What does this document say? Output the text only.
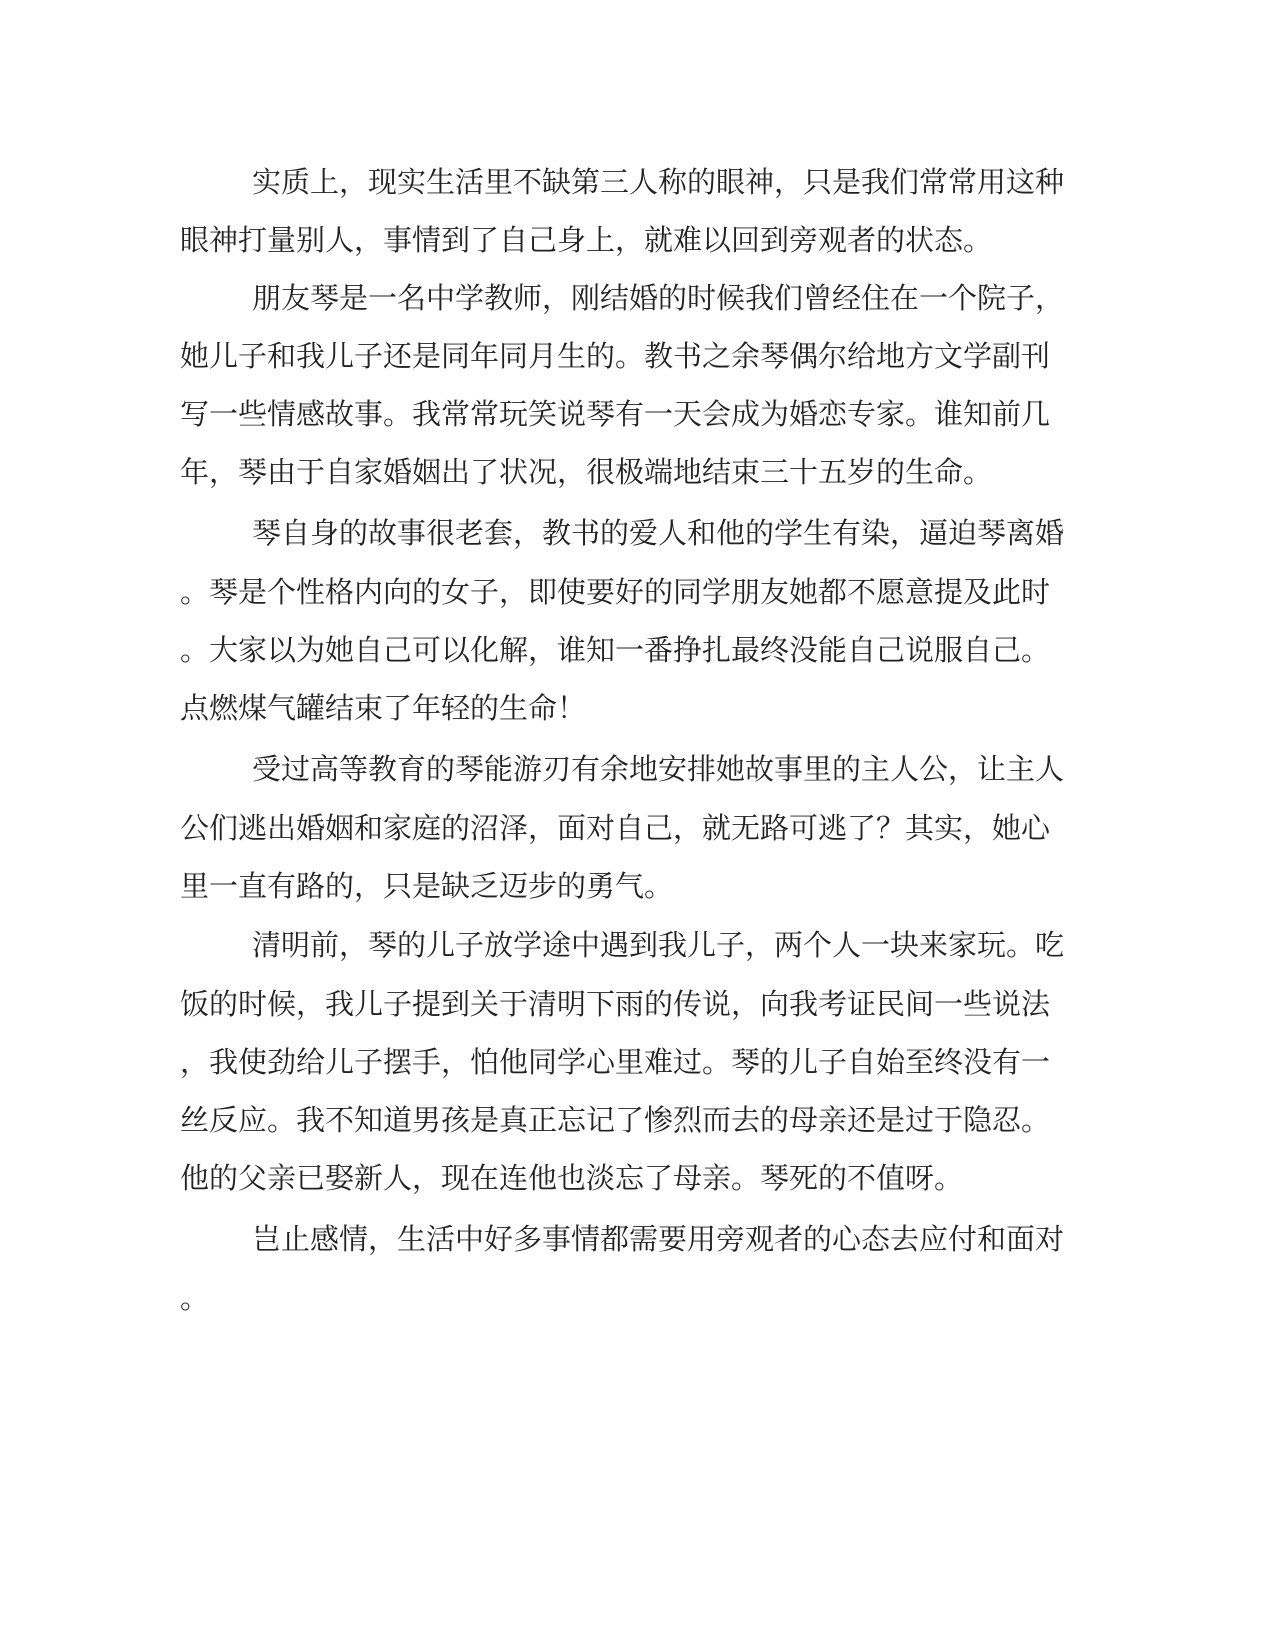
实质上，现实生活里不缺第三人称的眼神，只是我们常常用这种

眼神打量别人，事情到了自己身上，就难以回到旁观者的状态。

朋友琴是一名中学教师，刚结婚的时候我们曾经住在一个院子，

她儿子和我儿子还是同年同月生的。教书之余琴偶尔给地方文学副刊

写一些情感故事。我常常玩笑说琴有一天会成为婚恋专家。谁知前几

年，琴由于自家婚姻出了状况，很极端地结束三十五岁的生命。

琴自身的故事很老套，教书的爱人和他的学生有染，逼迫琴离婚

。琴是个性格内向的女子，即使要好的同学朋友她都不愿意提及此时

。大家以为她自己可以化解，谁知一番挣扎最终没能自己说服自己。

点燃煤气罐结束了年轻的生命！

受过高等教育的琴能游刃有余地安排她故事里的主人公，让主人

公们逃出婚姻和家庭的沼泽，面对自己，就无路可逃了？其实，她心

里一直有路的，只是缺乏迈步的勇气。

清明前，琴的儿子放学途中遇到我儿子，两个人一块来家玩。吃

饭的时候，我儿子提到关于清明下雨的传说，向我考证民间一些说法

，我使劲给儿子摆手，怕他同学心里难过。琴的儿子自始至终没有一

丝反应。我不知道男孩是真正忘记了惨烈而去的母亲还是过于隐忍。

他的父亲已娶新人，现在连他也淡忘了母亲。琴死的不值呀。

岂止感情，生活中好多事情都需要用旁观者的心态去应付和面对

。
